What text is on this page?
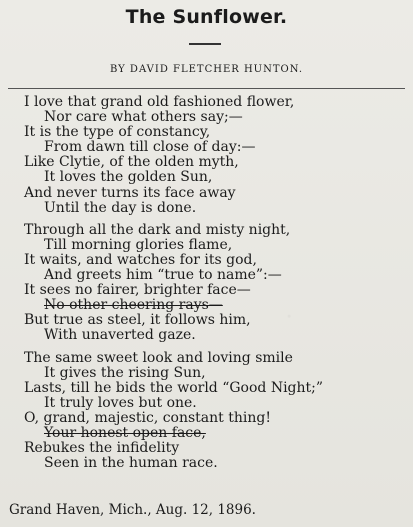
The Sunflower.
BY DAVID FLETCHER HUNTON.
I love that grand old fashioned flower,
Nor care what others say;—
It is the type of constancy,
From dawn till close of day:—
Like Clytie, of the olden myth,
It loves the golden Sun,
And never turns its face away
Until the day is done.
Through all the dark and misty night,
Till morning glories flame,
It waits, and watches for its god,
And greets him “true to name”:—
It sees no fairer, brighter face—
No other cheering rays—
But true as steel, it follows him,
With unaverted gaze.
The same sweet look and loving smile
It gives the rising Sun,
Lasts, till he bids the world “Good Night;”
It truly loves but one.
O, grand, majestic, constant thing!
Your honest open face,
Rebukes the infidelity
Seen in the human race.
Grand Haven, Mich., Aug. 12, 1896.
